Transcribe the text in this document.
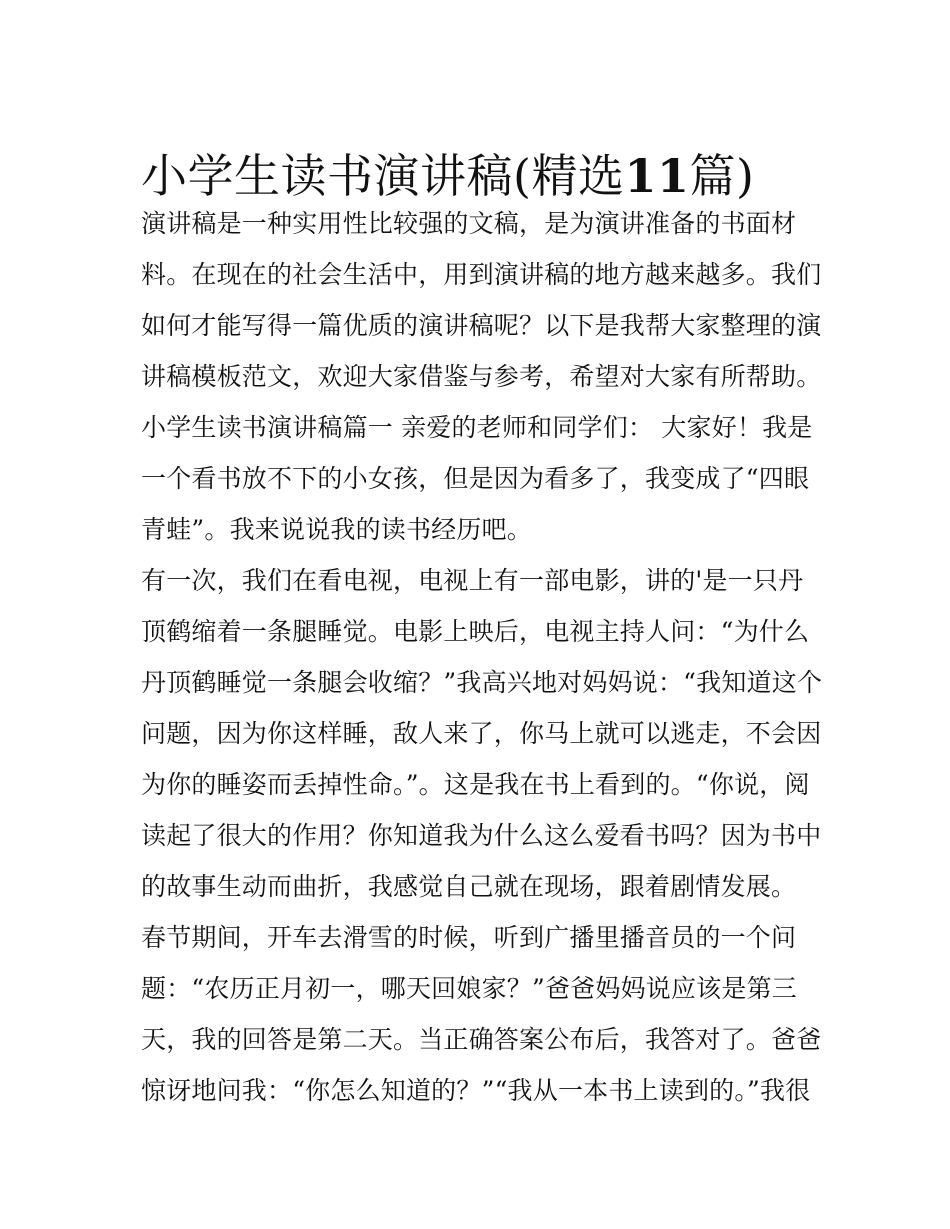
小学生读书演讲稿(精选11篇)
演讲稿是一种实用性比较强的文稿，是为演讲准备的书面材
料。在现在的社会生活中，用到演讲稿的地方越来越多。我们
如何才能写得一篇优质的演讲稿呢？以下是我帮大家整理的演
讲稿模板范文，欢迎大家借鉴与参考，希望对大家有所帮助。
小学生读书演讲稿篇一 亲爱的老师和同学们： 大家好！我是
一个看书放不下的小女孩，但是因为看多了，我变成了“四眼
青蛙”。我来说说我的读书经历吧。
有一次，我们在看电视，电视上有一部电影，讲的'是一只丹
顶鹤缩着一条腿睡觉。电影上映后，电视主持人问：“为什么
丹顶鹤睡觉一条腿会收缩？”我高兴地对妈妈说：“我知道这个
问题，因为你这样睡，敌人来了，你马上就可以逃走，不会因
为你的睡姿而丢掉性命。”。这是我在书上看到的。“你说，阅
读起了很大的作用？你知道我为什么这么爱看书吗？因为书中
的故事生动而曲折，我感觉自己就在现场，跟着剧情发展。
春节期间，开车去滑雪的时候，听到广播里播音员的一个问
题：“农历正月初一，哪天回娘家？”爸爸妈妈说应该是第三
天，我的回答是第二天。当正确答案公布后，我答对了。爸爸
惊讶地问我：“你怎么知道的？”“我从一本书上读到的。”我很
